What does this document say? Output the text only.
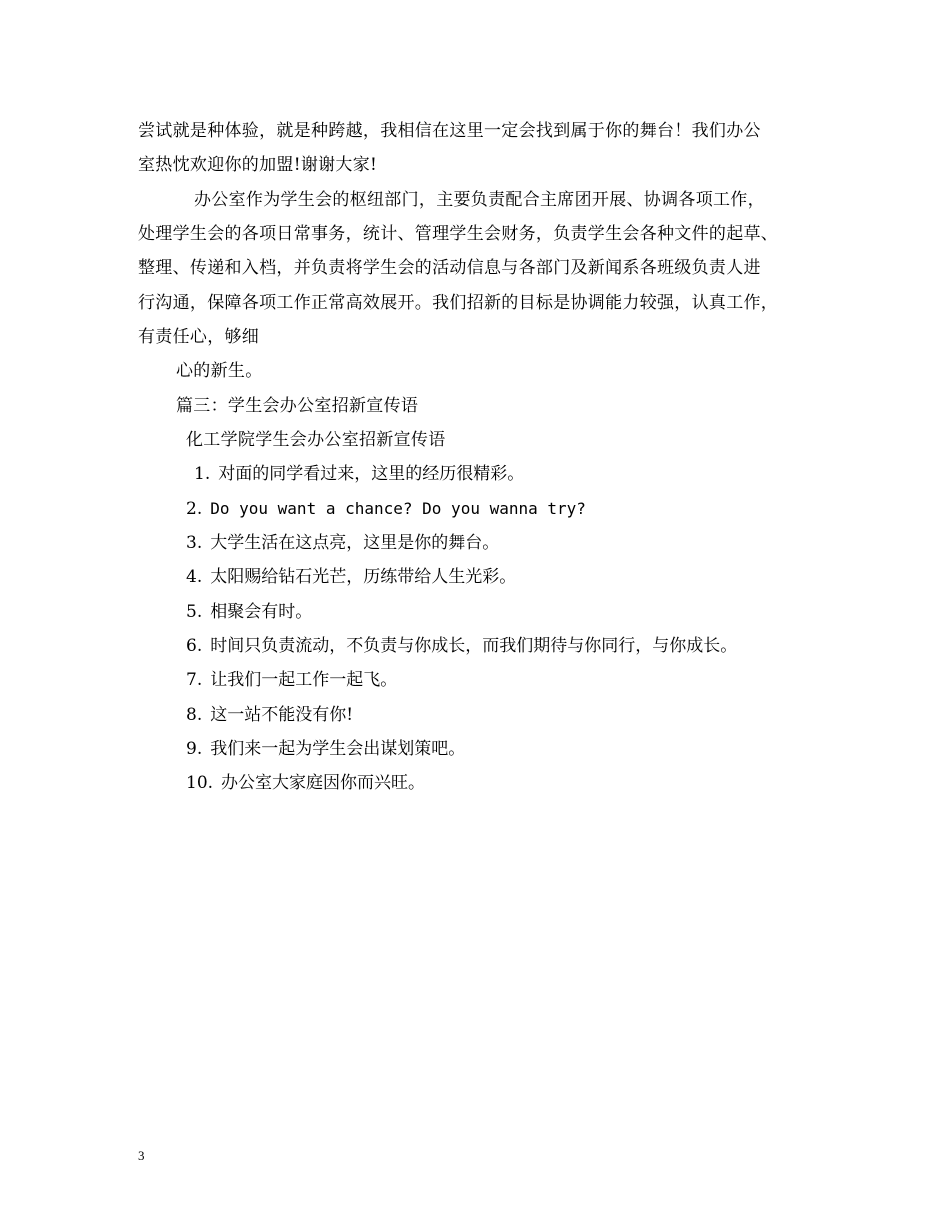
尝试就是种体验，就是种跨越，我相信在这里一定会找到属于你的舞台！我们办公
室热忱欢迎你的加盟!谢谢大家!
办公室作为学生会的枢纽部门，主要负责配合主席团开展、协调各项工作，
处理学生会的各项日常事务，统计、管理学生会财务，负责学生会各种文件的起草、
整理、传递和入档，并负责将学生会的活动信息与各部门及新闻系各班级负责人进
行沟通，保障各项工作正常高效展开。我们招新的目标是协调能力较强，认真工作，
有责任心，够细
心的新生。
篇三：学生会办公室招新宣传语
化工学院学生会办公室招新宣传语
1. 对面的同学看过来，这里的经历很精彩。
2. Do you want a chance? Do you wanna try?
3. 大学生活在这点亮，这里是你的舞台。
4. 太阳赐给钻石光芒，历练带给人生光彩。
5. 相聚会有时。
6. 时间只负责流动，不负责与你成长，而我们期待与你同行，与你成长。
7. 让我们一起工作一起飞。
8. 这一站不能没有你!
9. 我们来一起为学生会出谋划策吧。
10. 办公室大家庭因你而兴旺。
3
